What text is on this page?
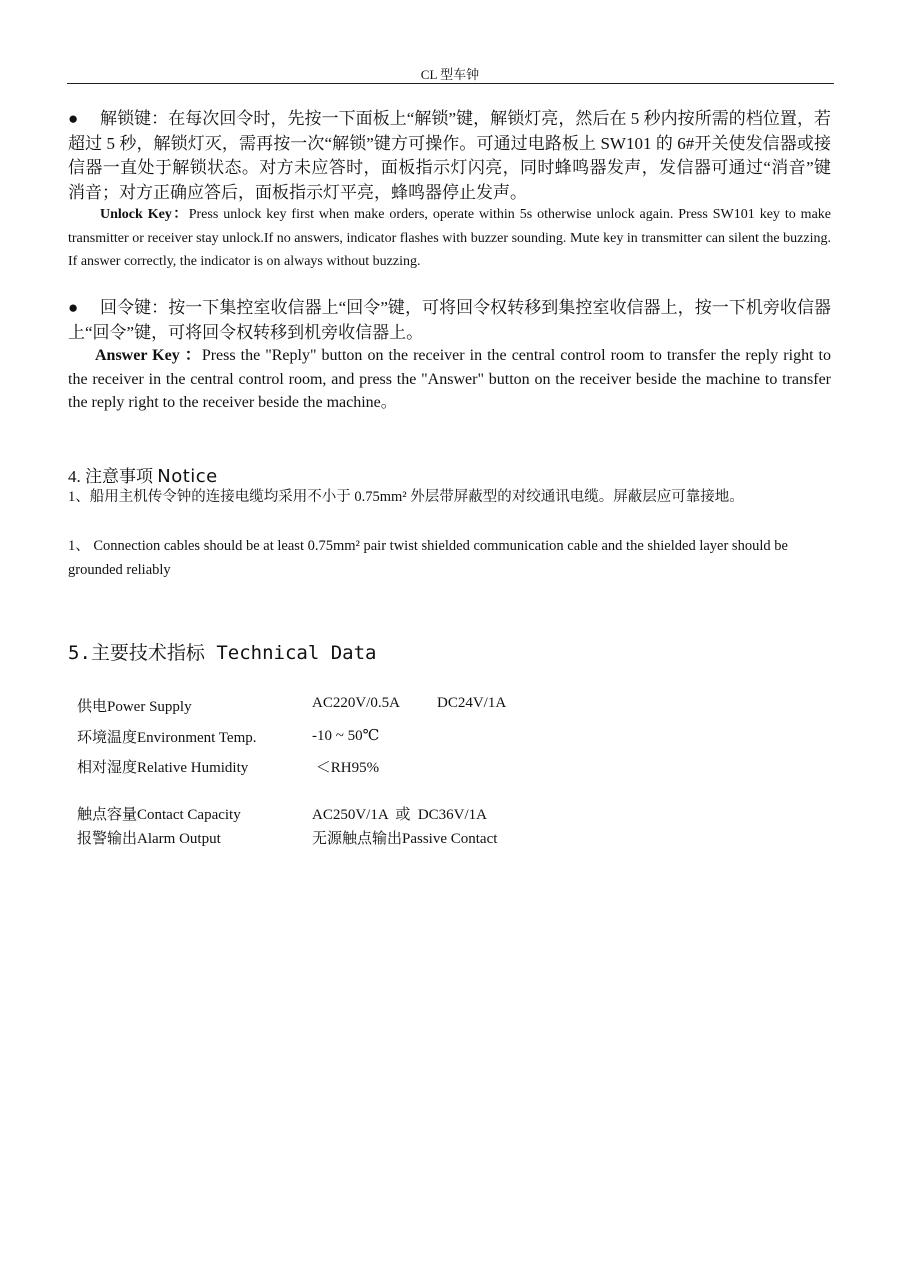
CL 型车钟
● 解锁键：在每次回令时，先按一下面板上“解锁”键，解锁灯亮，然后在 5 秒内按所需的档位置，若超过 5 秒，解锁灯灭，需再按一次“解锁”键方可操作。可通过电路板上 SW101 的 6#开关使发信器或接信器一直处于解锁状态。对方未应答时，面板指示灯闪亮，同时蜂鸣器发声，发信器可通过“消音”键消音；对方正确应答后，面板指示灯平亮，蜂鸣器停止发声。
Unlock Key：Press unlock key first when make orders, operate within 5s otherwise unlock again. Press SW101 key to make transmitter or receiver stay unlock.If no answers, indicator flashes with buzzer sounding. Mute key in transmitter can silent the buzzing. If answer correctly, the indicator is on always without buzzing.
● 回令键：按一下集控室收信器上“回令”键，可将回令权转移到集控室收信器上，按一下机旁收信器上“回令”键，可将回令权转移到机旁收信器上。
Answer Key ：Press the "Reply" button on the receiver in the central control room to transfer the reply right to the receiver in the central control room, and press the "Answer" button on the receiver beside the machine to transfer the reply right to the receiver beside the machine。
4. 注意事项 Notice
1、船用主机传令钟的连接电缆均采用不小于 0.75mm² 外层带屏蔽型的对绞通讯电缆。屏蔽层应可靠接地。
1、 Connection cables should be at least 0.75mm² pair twist shielded communication cable and the shielded layer should be grounded reliably
5.主要技术指标 Technical Data
供电Power Supply	AC220V/0.5A DC24V/1A
环境温度Environment Temp.	-10 ~ 50℃
相对湿度Relative Humidity	＜RH95%
触点容量Contact Capacity	AC250V/1A  或  DC36V/1A
报警输出Alarm Output	无源触点输出Passive Contact
